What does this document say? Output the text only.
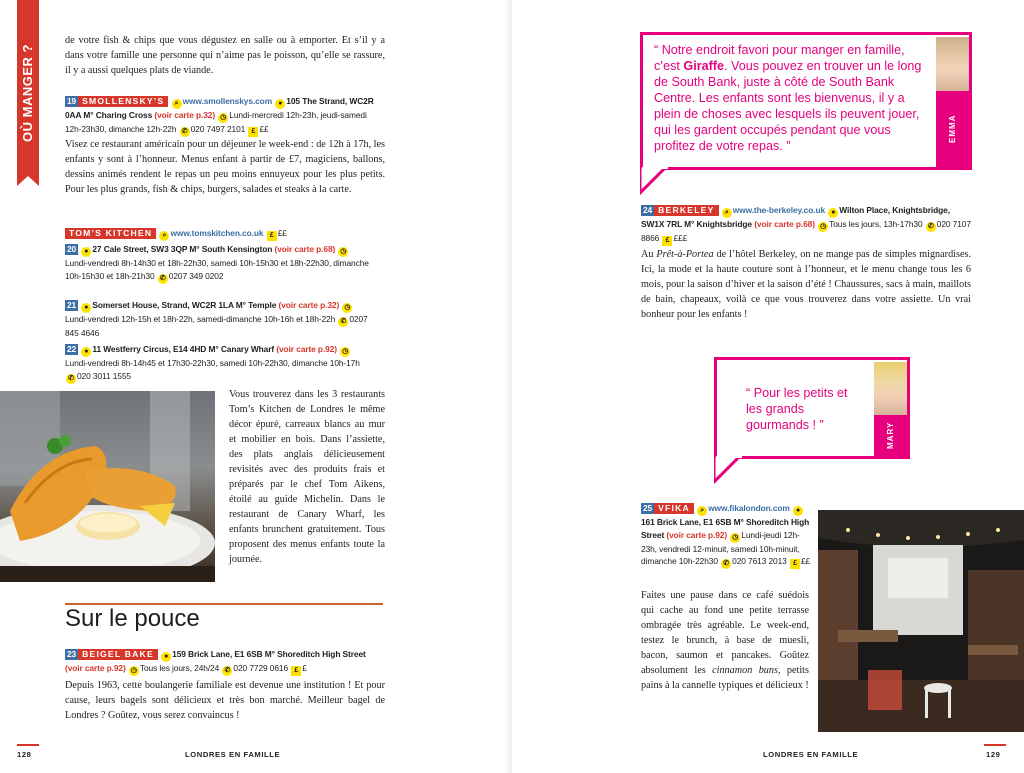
OÙ MANGER ?

de votre fish & chips que vous dégustez en salle ou à emporter. Et s’il y a dans votre famille une personne qui n’aime pas le poisson, qu’elle se rassure, il y a aussi quelques plats de viande.

19 SMOLLENSKY’S ⌕ www.smollenskys.com ● 105 The Strand, WC2R 0AA M° Charing Cross (voir carte p.32) ◷ Lundi-mercredi 12h-23h, jeudi-samedi 12h-23h30, dimanche 12h-22h ✆ 020 7497 2101 £ ££

Visez ce restaurant américain pour un déjeuner le week-end : de 12h à 17h, les enfants y sont à l’honneur. Menus enfant à partir de £7, magiciens, ballons, dessins animés rendent le repas un peu moins ennuyeux pour les plus petits. Pour les plus grands, fish & chips, burgers, salades et steaks à la carte.

TOM’S KITCHEN ⌕ www.tomskitchen.co.uk £ ££
20 ● 27 Cale Street, SW3 3QP M° South Kensington (voir carte p.68) ◷Lundi-vendredi 8h-14h30 et 18h-22h30, samedi 10h-15h30 et 18h-22h30, dimanche 10h-15h30 et 18h-21h30 ✆ 0207 349 0202
21 ● Somerset House, Strand, WC2R 1LA M° Temple (voir carte p.32) ◷Lundi-vendredi 12h-15h et 18h-22h, samedi-dimanche 10h-16h et 18h-22h ✆ 0207 845 4646
22 ● 11 Westferry Circus, E14 4HD M° Canary Wharf (voir carte p.92) ◷Lundi-vendredi 8h-14h45 et 17h30-22h30, samedi 10h-22h30, dimanche 10h-17h ✆ 020 3011 1555

Vous trouverez dans les 3 restaurants Tom’s Kitchen de Londres le même décor épuré, carreaux blancs au mur et mobilier en bois. Dans l’assiette, des plats anglais délicieusement revisités avec des produits frais et préparés par le chef Tom Aikens, étoilé au guide Michelin. Dans le restaurant de Canary Wharf, les enfants brunchent gratuitement. Tous proposent des menus enfants toute la journée.

Sur le pouce
23 BEIGEL BAKE ● 159 Brick Lane, E1 6SB M° Shoreditch High Street (voir carte p.92) ◷ Tous les jours, 24h/24 ✆ 020 7729 0616 £ £

Depuis 1963, cette boulangerie familiale est devenue une institution ! Et pour cause, leurs bagels sont délicieux et très bon marché. Meilleur bagel de Londres ? Goûtez, vous serez convaincus !

128	LONDRES EN FAMILLE
“ Notre endroit favori pour manger en famille, c’est Giraffe. Vous pouvez en trouver un le long de South Bank, juste à côté de South Bank Centre. Les enfants sont les bienvenus, il y a plein de choses avec lesquels ils peuvent jouer, qui les gardent occupés pendant que vous profitez de votre repas. ”
EMMA
24 BERKELEY ⌕ www.the-berkeley.co.uk ● Wilton Place, Knightsbridge, SW1X 7RL M° Knightsbridge (voir carte p.68) ◷ Tous les jours, 13h-17h30 ✆ 020 7107 8866 £ £££

Au Prêt-à-Portea de l’hôtel Berkeley, on ne mange pas de simples mignardises. Ici, la mode et la haute couture sont à l’honneur, et le menu change tous les 6 mois, pour la saison d’hiver et la saison d’été ! Chaussures, sacs à main, maillots de bain, chapeaux, voilà ce que vous trouverez dans votre assiette. Un vrai bonheur pour les enfants !

“ Pour les petits et les grands gourmands ! ”	MARY
25 VFIKA ⌕ www.fikalondon.com ●161 Brick Lane, E1 6SB M° Shoreditch High Street (voir carte p.92) ◷ Lundi-jeudi 12h-23h, vendredi 12-minuit, samedi 10h-minuit, dimanche 10h-22h30 ✆ 020 7613 2013 £ ££

Faites une pause dans ce café suédois qui cache au fond une petite terrasse ombragée très agréable. Le week-end, testez le brunch, à base de muesli, bacon, saumon et pancakes. Goûtez absolument les cinnamon buns, petits pains à la cannelle typiques et délicieux !

LONDRES EN FAMILLE	129
